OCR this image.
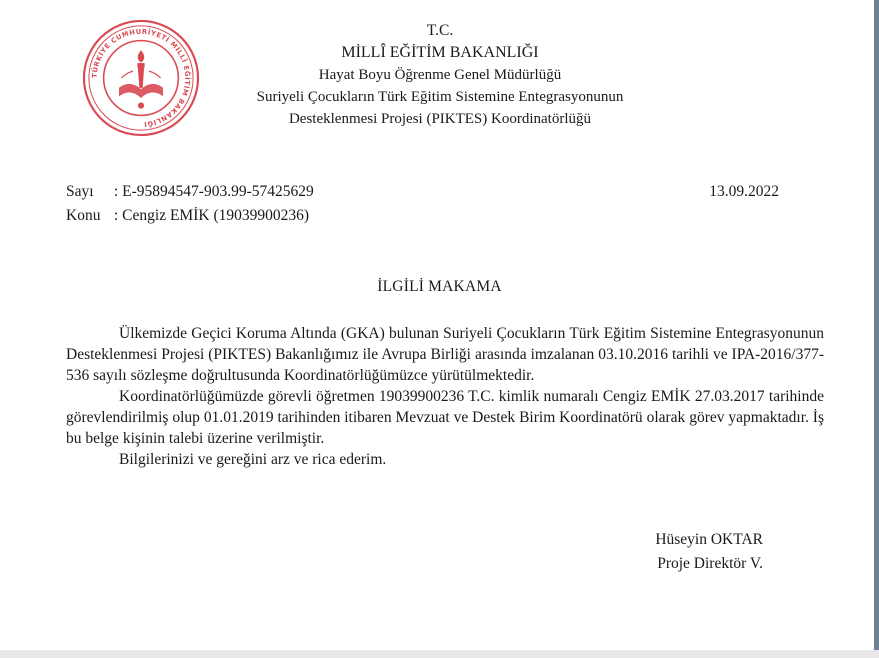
TÜRKİYE CUMHURİYETİ MİLLÎ EĞİTİM BAKANLIĞI
T.C.
MİLLÎ EĞİTİM BAKANLIĞI
Hayat Boyu Öğrenme Genel Müdürlüğü
Suriyeli Çocukların Türk Eğitim Sistemine Entegrasyonunun
Desteklenmesi Projesi (PIKTES) Koordinatörlüğü
Sayı : E-95894547-903.99-57425629
Konu : Cengiz EMİK (19039900236)
13.09.2022
İLGİLİ MAKAMA

Ülkemizde Geçici Koruma Altında (GKA) bulunan Suriyeli Çocukların Türk Eğitim Sistemine Entegrasyonunun Desteklenmesi Projesi (PIKTES) Bakanlığımız ile Avrupa Birliği arasında imzalanan 03.10.2016 tarihli ve IPA-2016/377-536 sayılı sözleşme doğrultusunda Koordinatörlüğümüzce yürütülmektedir.

Koordinatörlüğümüzde görevli öğretmen 19039900236 T.C. kimlik numaralı Cengiz EMİK 27.03.2017 tarihinde görevlendirilmiş olup 01.01.2019 tarihinden itibaren Mevzuat ve Destek Birim Koordinatörü olarak görev yapmaktadır. İş bu belge kişinin talebi üzerine verilmiştir.

Bilgilerinizi ve gereğini arz ve rica ederim.

Hüseyin OKTAR
Proje Direktör V.
